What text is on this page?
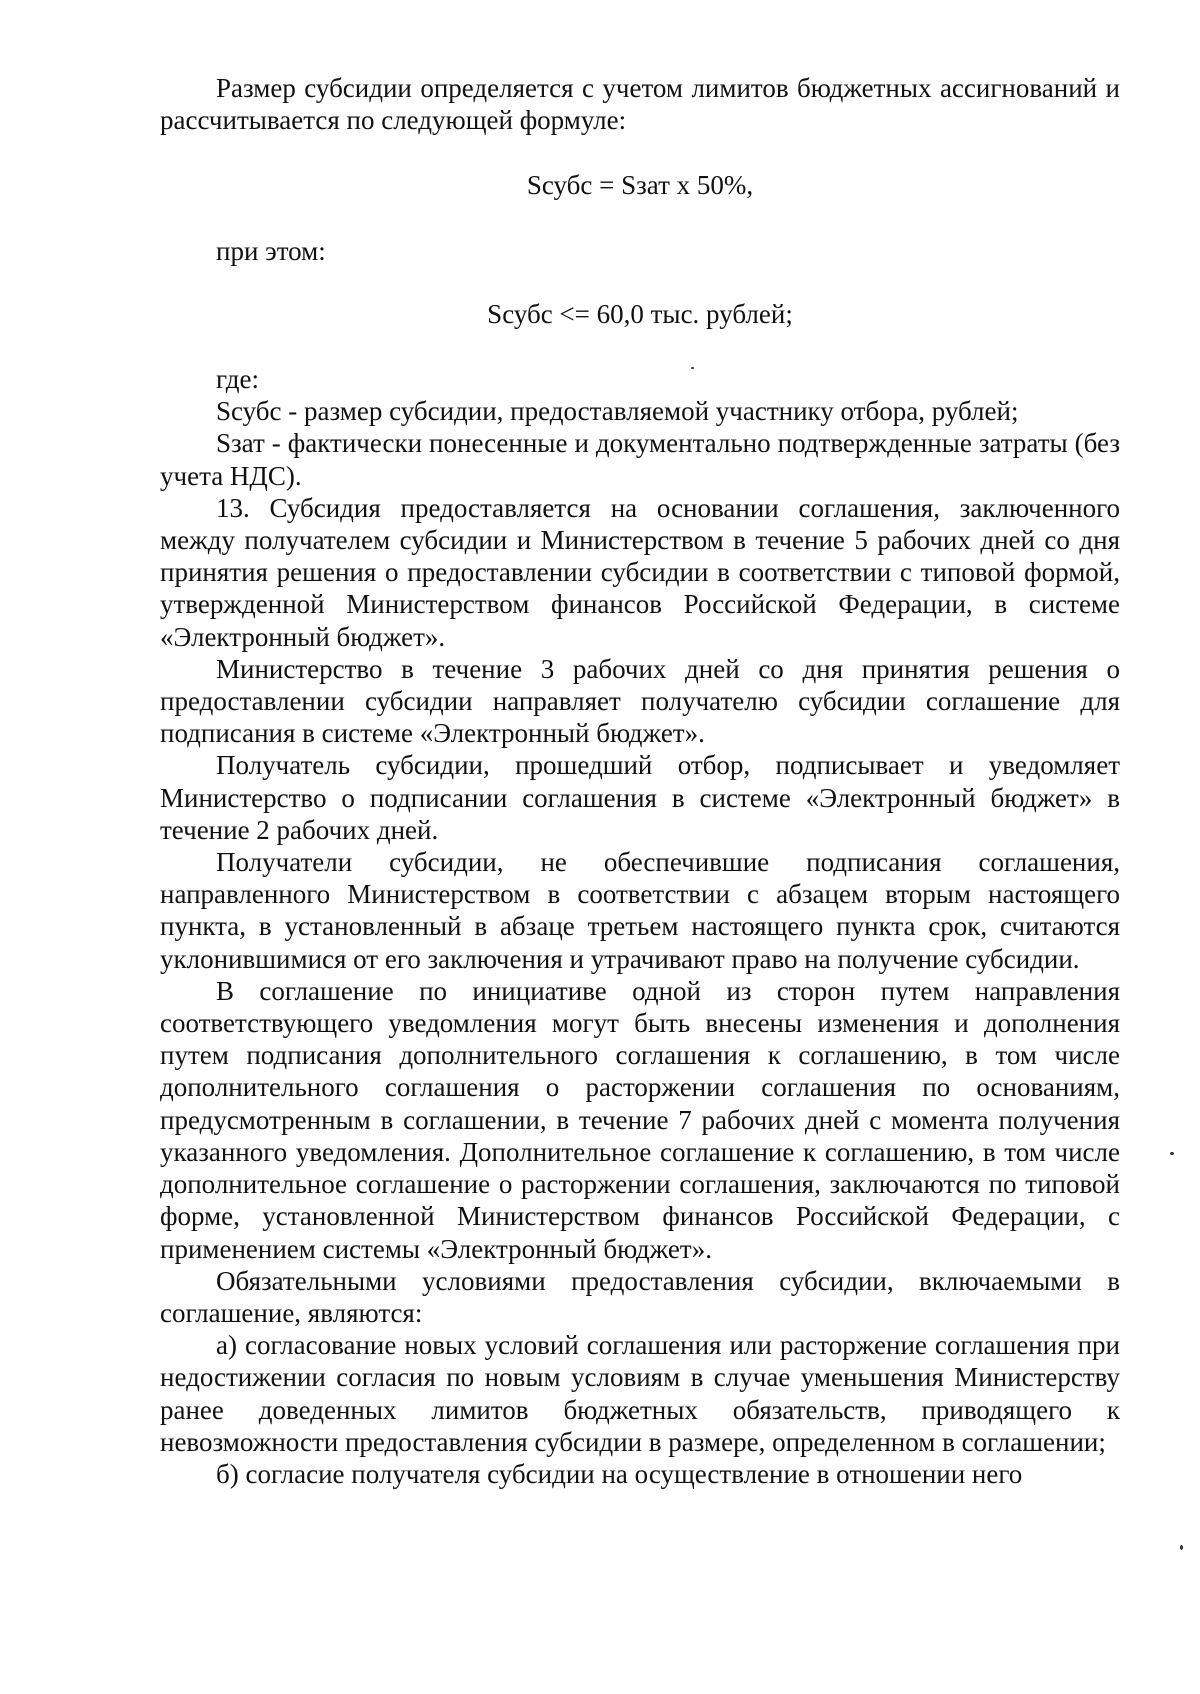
Размер субсидии определяется с учетом лимитов бюджетных ассигнований и рассчитывается по следующей формуле:

Sсубс = Sзат х 50%,

при этом:

Sсубс <= 60,0 тыс. рублей;

где:

Sсубс - размер субсидии, предоставляемой участнику отбора, рублей;

Sзат - фактически понесенные и документально подтвержденные затраты (без учета НДС).

13. Субсидия предоставляется на основании соглашения, заключенного между получателем субсидии и Министерством в течение 5 рабочих дней со дня принятия решения о предоставлении субсидии в соответствии с типовой формой, утвержденной Министерством финансов Российской Федерации, в системе «Электронный бюджет».

Министерство в течение 3 рабочих дней со дня принятия решения о предоставлении субсидии направляет получателю субсидии соглашение для подписания в системе «Электронный бюджет».

Получатель субсидии, прошедший отбор, подписывает и уведомляет Министерство о подписании соглашения в системе «Электронный бюджет» в течение 2 рабочих дней.

Получатели субсидии, не обеспечившие подписания соглашения, направленного Министерством в соответствии с абзацем вторым настоящего пункта, в установленный в абзаце третьем настоящего пункта срок, считаются уклонившимися от его заключения и утрачивают право на получение субсидии.

В соглашение по инициативе одной из сторон путем направления соответствующего уведомления могут быть внесены изменения и дополнения путем подписания дополнительного соглашения к соглашению, в том числе дополнительного соглашения о расторжении соглашения по основаниям, предусмотренным в соглашении, в течение 7 рабочих дней с момента получения указанного уведомления. Дополнительное соглашение к соглашению, в том числе дополнительное соглашение о расторжении соглашения, заключаются по типовой форме, установленной Министерством финансов Российской Федерации, с применением системы «Электронный бюджет».

Обязательными условиями предоставления субсидии, включаемыми в соглашение, являются:

а) согласование новых условий соглашения или расторжение соглашения при недостижении согласия по новым условиям в случае уменьшения Министерству ранее доведенных лимитов бюджетных обязательств, приводящего к невозможности предоставления субсидии в размере, определенном в соглашении;

б) согласие получателя субсидии на осуществление в отношении него
